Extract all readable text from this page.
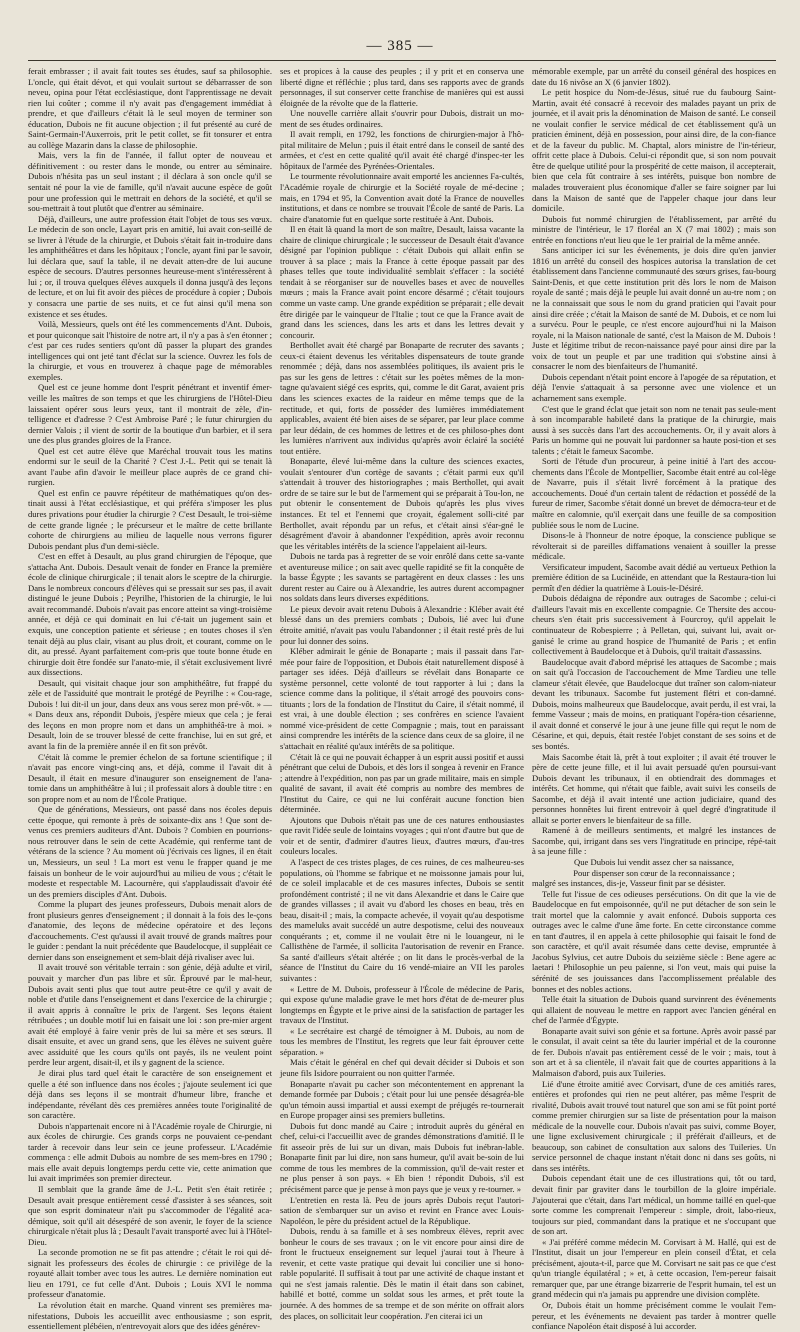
— 385 —

ferait embrasser ; il avait fait toutes ses études, sauf sa philosophie. L'oncle, qui était dévot, et qui voulait surtout se débarrasser de son neveu, opina pour l'état ecclésiastique, dont l'apprentissage ne devait rien lui coûter ; comme il n'y avait pas d'engagement immédiat à prendre, et que d'ailleurs c'était là le seul moyen de terminer son éducation, Dubois ne fit aucune objection ; il fut présenté au curé de Saint-Germain-l'Auxerrois, prit le petit collet, se fit tonsurer et entra au collège Mazarin dans la classe de philosophie.

Mais, vers la fin de l'année, il fallut opter de nouveau et définitivement : ou rester dans le monde, ou entrer au séminaire. Dubois n'hésita pas un seul instant ; il déclara à son oncle qu'il se sentait né pour la vie de famille, qu'il n'avait aucune espèce de goût pour une profession qui le mettrait en dehors de la société, et qu'il se sou-mettrait à tout plutôt que d'entrer au séminaire.

Déjà, d'ailleurs, une autre profession était l'objet de tous ses vœux. Le médecin de son oncle, Layart pris en amitié, lui avait con-seillé de se livrer à l'étude de la chirurgie, et Dubois s'était fait in-troduire dans les amphithéâtres et dans les hôpitaux ; l'oncle, ayant fini par le savoir, lui déclara que, sauf la table, il ne devait atten-dre de lui aucune espèce de secours. D'autres personnes heureuse-ment s'intéressèrent à lui ; or, il trouva quelques élèves auxquels il donna jusqu'à des leçons de lecture, et on lui fit avoir des pièces de procédure à copier ; Dubois y consacra une partie de ses nuits, et ce fut ainsi qu'il mena son existence et ses études.

Voilà, Messieurs, quels ont été les commencements d'Ant. Dubois, et pour quiconque sait l'histoire de notre art, il n'y a pas à s'en étonner ; c'est par ces rudes sentiers qu'ont dû passer la plupart des grandes intelligences qui ont jeté tant d'éclat sur la science. Ouvrez les fols de la chirurgie, et vous en trouverez à chaque page de mémorables exemples.

Quel est ce jeune homme dont l'esprit pénétrant et inventif émer-veille les maîtres de son temps et que les chirurgiens de l'Hôtel-Dieu laissaient opérer sous leurs yeux, tant il montrait de zèle, d'in-telligence et d'adresse ? C'est Ambroise Paré ; le futur chirurgien du dernier Valois ; il vient de sortir de la boutique d'un barbier, et il sera une des plus grandes gloires de la France.

Quel est cet autre élève que Maréchal trouvait tous les matins endormi sur le seuil de la Charité ? C'est J.-L. Petit qui se tenait là avant l'aube afin d'avoir le meilleur place auprès de ce grand chi-rurgien.

Quel est enfin ce pauvre répétiteur de mathématiques qu'on des-tinait aussi à l'état ecclésiastique, et qui préféra s'imposer les plus dures privations pour étudier la chirurgie ? C'est Desault, le troi-sième de cette grande lignée ; le précurseur et le maître de cette brillante cohorte de chirurgiens au milieu de laquelle nous verrons figurer Dubois pendant plus d'un demi-siècle.

C'est en effet à Desault, au plus grand chirurgien de l'époque, que s'attacha Ant. Dubois. Desault venait de fonder en France la première école de clinique chirurgicale ; il tenait alors le sceptre de la chirurgie. Dans le nombreux concours d'élèves qui se pressait sur ses pas, il avait distingué le jeune Dubois ; Peyrilhe, l'historien de la chirurgie, le lui avait recommandé. Dubois n'avait pas encore atteint sa vingt-troisième année, et déjà ce qui dominait en lui c'é-tait un jugement sain et exquis, une conception patiente et sérieuse ; en toutes choses il s'en tenait déjà au plus clair, visant au plus droit, et courant, comme on le dit, au pressé. Ayant parfaitement com-pris que toute bonne étude en chirurgie doit être fondée sur l'anato-mie, il s'était exclusivement livré aux dissections.

Desault, qui visitait chaque jour son amphithéâtre, fut frappé du zèle et de l'assiduité que montrait le protégé de Peyrilhe : « Cou-rage, Dubois ! lui dit-il un jour, dans deux ans vous serez mon pré-vôt. » — « Dans deux ans, répondit Dubois, j'espère mieux que cela ; je ferai des leçons en mon propre nom et dans un amphithéâ-tre à moi. » Desault, loin de se trouver blessé de cette franchise, lui en sut gré, et avant la fin de la première année il en fit son prévôt.

C'était là comme le premier échelon de sa fortune scientifique ; il n'avait pas encore vingt-cinq ans, et déjà, comme il l'avait dit à Desault, il était en mesure d'inaugurer son enseignement de l'ana-tomie dans un amphithéâtre à lui ; il professait alors à double titre : en son propre nom et au nom de l'École Pratique.

Que de générations, Messieurs, ont passé dans nos écoles depuis cette époque, qui remonte à près de soixante-dix ans ! Que sont de-venus ces premiers auditeurs d'Ant. Dubois ? Combien en pourrions-nous retrouver dans le sein de cette Académie, qui renferme tant de vétérans de la science ? Au moment où j'écrivais ces lignes, il en était un, Messieurs, un seul ! La mort est venu le frapper quand je me faisais un bonheur de le voir aujourd'hui au milieu de vous ; c'était le modeste et respectable M. Lacournère, qui s'applaudissait d'avoir été un des premiers disciples d'Ant. Dubois.

Comme la plupart des jeunes professeurs, Dubois menait alors de front plusieurs genres d'enseignement ; il donnait à la fois des le-çons d'anatomie, des leçons de médecine opératoire et des leçons d'accouchements. C'est qu'aussi il avait trouvé de grands maîtres pour le guider : pendant la nuit précédente que Baudelocque, il suppléait ce dernier dans son enseignement et sem-blait déjà rivaliser avec lui.

Il avait trouvé son véritable terrain : son génie, déjà adulte et viril, pouvait y marcher d'un pas libre et sûr. Éprouvé par le mal-heur, Dubois avait senti plus que tout autre peut-être ce qu'il y avait de noble et d'utile dans l'enseignement et dans l'exercice de la chirurgie ; il avait appris à connaître le prix de l'argent. Ses leçons étaient rétribuées ; un double motif lui en faisait une loi : son pre-mier argent avait été employé à faire venir près de lui sa mère et ses sœurs. Il disait ensuite, et avec un grand sens, que les élèves ne suivent guère avec assiduité que les cours qu'ils ont payés, ils ne veulent point perdre leur argent, disait-il, et ils y gagnent de la science.

Je dirai plus tard quel était le caractère de son enseignement et quelle a été son influence dans nos écoles ; j'ajoute seulement ici que déjà dans ses leçons il se montrait d'humeur libre, franche et indépendante, révélant dès ces premières années toute l'originalité de son caractère.

Dubois n'appartenait encore ni à l'Académie royale de Chirurgie, ni aux écoles de chirurgie. Ces grands corps ne pouvaient ce-pendant tarder à recevoir dans leur sein ce jeune professeur. L'Académie commença : elle admit Dubois au nombre de ses mem-bres en 1790 ; mais elle avait depuis longtemps perdu cette vie, cette animation que lui avait imprimées son premier directeur.

Il semblait que la grande âme de J.-L. Petit s'en était retirée ; Desault avait presque entièrement cessé d'assister à ses séances, soit que son esprit dominateur n'ait pu s'accommoder de l'égalité aca-démique, soit qu'il ait désespéré de son avenir, le foyer de la science chirurgicale n'était plus là ; Desault l'avait transporté avec lui à l'Hôtel-Dieu.

La seconde promotion ne se fit pas attendre ; c'était le roi qui dé-signait les professeurs des écoles de chirurgie : ce privilège de la royauté allait tomber avec tous les autres. Le dernière nomination eut lieu en 1791, ce fut celle d'Ant. Dubois ; Louis XVI le nomma professeur d'anatomie.

La révolution était en marche. Quand vinrent ses premières ma-nifestations, Dubois les accueillit avec enthousiasme ; son esprit, essentiellement plébéien, n'entrevoyait alors que des idées générev-

ses et propices à la cause des peuples ; il y prit et en conserva une liberté digne et réfléchie ; plus tard, dans ses rapports avec de grands personnages, il sut conserver cette franchise de manières qui est aussi éloignée de la révolte que de la flatterie.

Une nouvelle carrière allait s'ouvrir pour Dubois, distrait un mo-ment de ses études ordinaires.

Il avait rempli, en 1792, les fonctions de chirurgien-major à l'hô-pital militaire de Melun ; puis il était entré dans le conseil de santé des armées, et c'est en cette qualité qu'il avait été chargé d'inspec-ter les hôpitaux de l'armée des Pyrénées-Orientales.

Le tourmente révolutionnaire avait emporté les anciennes Fa-cultés, l'Académie royale de chirurgie et la Société royale de mé-decine ; mais, en 1794 et 95, la Convention avait doté la France de nouvelles institutions, et dans ce nombre se trouvait l'École de santé de Paris. La chaire d'anatomie fut en quelque sorte restituée à Ant. Dubois.

Il en était là quand la mort de son maître, Desault, laissa vacante la chaire de clinique chirurgicale ; le successeur de Desault était d'avance désigné par l'opinion publique : c'était Dubois qui allait enfin se trouver à sa place ; mais la France à cette époque passait par des phases telles que toute individualité semblait s'effacer : la société tendait à se réorganiser sur de nouvelles bases et avec de nouvelles mœurs ; mais la France avait point encore désarmé ; c'était toujours comme un vaste camp. Une grande expédition se préparait ; elle devait être dirigée par le vainqueur de l'Italie ; tout ce que la France avait de grand dans les sciences, dans les arts et dans les lettres devait y concourir.

Berthollet avait été chargé par Bonaparte de recruter des savants ; ceux-ci étaient devenus les véritables dispensateurs de toute grande renommée ; déjà, dans nos assemblées politiques, ils avaient pris le pas sur les gens de lettres : c'était sur les poètes mêmes de la mon-tagne qu'avaient siégé ces esprits, qui, comme le dit Garat, avaient pris dans les sciences exactes de la raideur en même temps que de la rectitude, et qui, forts de posséder des lumières immédiatement applicables, avaient été bien aises de se séparer, par leur place comme par leur dédain, de ces hommes de lettres et de ces philoso-phes dont les lumières n'arrivent aux individus qu'après avoir éclairé la société tout entière.

Bonaparte, élevé lui-même dans la culture des sciences exactes, voulait s'entourer d'un cortège de savants ; c'était parmi eux qu'il s'attendait à trouver des historiographes ; mais Berthollet, qui avait ordre de se taire sur le but de l'armement qui se préparait à Tou-lon, ne put obtenir le consentement de Dubois qu'après les plus vives instances. Et tel et l'ennemi que croyait, également solli-cité par Berthollet, avait répondu par un refus, et c'était ainsi s'éar-gné le désagrément d'avoir à abandonner l'expédition, après avoir reconnu que les véritables intérêts de la science l'appelaient ail-leurs.

Dubois ne tarda pas à regretter de se voir enrôlé dans cette sa-vante et aventureuse milice ; on sait avec quelle rapidité se fit la conquête de la basse Égypte ; les savants se partagèrent en deux classes : les uns durent rester au Caire ou à Alexandrie, les autres durent accompagner nos soldats dans leurs diverses expéditions.

Le pieux devoir avait retenu Dubois à Alexandrie : Kléber avait été blessé dans un des premiers combats ; Dubois, lié avec lui d'une étroite amitié, n'avait pas voulu l'abandonner ; il était resté près de lui pour lui donner des soins.

Kléber admirait le génie de Bonaparte ; mais il passait dans l'ar-mée pour faire de l'opposition, et Dubois était naturellement disposé à partager ses idées. Déjà d'ailleurs se révélait dans Bonaparte ce système personnel, cette volonté de tout rapporter à lui ; dans la science comme dans la politique, il s'était arrogé des pouvoirs cons-tituants ; lors de la fondation de l'Institut du Caire, il s'était nommé, il est vrai, à une double élection ; ses confrères en science l'avaient nommé vice-président de cette Compagnie ; mais, tout en paraissant ainsi comprendre les intérêts de la science dans ceux de sa gloire, il ne s'attachait en réalité qu'aux intérêts de sa politique.

C'était là ce qui ne pouvait échapper à un esprit aussi positif et aussi pénétrant que celui de Dubois, et dès lors il songea à revenir en France ; attendre à l'expédition, non pas par un grade militaire, mais en simple qualité de savant, il avait été compris au nombre des membres de l'Institut du Caire, ce qui ne lui conférait aucune fonction bien déterminée.

Ajoutons que Dubois n'était pas une de ces natures enthousiastes que ravit l'idée seule de lointains voyages ; qui n'ont d'autre but que de voir et de sentir, d'admirer d'autres lieux, d'autres mœurs, d'au-tres couleurs locales.

A l'aspect de ces tristes plages, de ces ruines, de ces malheureu-ses populations, où l'homme se fabrique et ne moissonne jamais pour lui, de ce soleil implacable et de ces masures infectes, Dubois se sentit profondément contristé ; il ne vit dans Alexandrie et dans le Caire que de grandes villasses ; il avait vu d'abord les choses en beau, très en beau, disait-il ; mais, la compacte achevée, il voyait qu'au despotisme des mameluks avait succédé un autre despotisme, celui des nouveaux conquérants ; et, comme il ne voulait être ni le louangeur, ni le Callisthène de l'armée, il sollicita l'autorisation de revenir en France. Sa santé d'ailleurs s'était altérée ; on lit dans le procès-verbal de la séance de l'Institut du Caire du 16 vendé-miaire an VII les paroles suivantes :

« Lettre de M. Dubois, professeur à l'École de médecine de Paris, qui expose qu'une maladie grave le met hors d'état de de-meurer plus longtemps en Égypte et le prive ainsi de la satisfaction de partager les travaux de l'Institut.

« Le secrétaire est chargé de témoigner à M. Dubois, au nom de tous les membres de l'Institut, les regrets que leur fait éprouver cette séparation. »

Mais c'était le général en chef qui devait décider si Dubois et son jeune fils Isidore pourraient ou non quitter l'armée.

Bonaparte n'avait pu cacher son mécontentement en apprenant la demande formée par Dubois ; c'était pour lui une pensée désagréa-ble qu'un témoin aussi impartial et aussi exempt de préjugés re-tournerait en Europe propager ainsi ses premiers bulletins.

Dubois fut donc mandé au Caire ; introduit auprès du général en chef, celui-ci l'accueillit avec de grandes démonstrations d'amitié. Il le fit asseoir près de lui sur un divan, mais Dubois fut inébran-lable. Bonaparte finit par lui dire, non sans humeur, qu'il avait be-soin de lui comme de tous les membres de la commission, qu'il de-vait rester et ne plus penser à son pays. « Eh bien ! répondit Dubois, s'il est précisément parce que je pense à mon pays que je veux y re-tourner. »

L'entretien en resta là. Peu de jours après Dubois reçut l'autori-sation de s'embarquer sur un aviso et revint en France avec Louis-Napoléon, le père du président actuel de la République.

Dubois, rendu à sa famille et à ses nombreux élèves, reprit avec bonheur le cours de ses travaux ; on le vit encore pour ainsi dire de front le fructueux enseignement sur lequel j'aurai tout à l'heure à revenir, et cette vaste pratique qui devait lui concilier une si hono-rable popularité. Il suffisait à tout par une activité de chaque instant et qui ne s'est jamais ralentie. Dès le matin il était dans son cabinet, habillé et botté, comme un soldat sous les armes, et prêt toute la journée. A des hommes de sa trempe et de son mérite on offrait alors des places, on sollicitait leur coopération. J'en citerai ici un

mémorable exemple, par un arrêté du conseil général des hospices en date du 16 nivôse an X (6 janvier 1802).

Le petit hospice du Nom-de-Jésus, situé rue du faubourg Saint-Martin, avait été consacré à recevoir des malades payant un prix de journée, et il avait pris la dénomination de Maison de santé. Le conseil ne voulait confier le service médical de cet établissement qu'à un praticien éminent, déjà en possession, pour ainsi dire, de la con-fiance et de la faveur du public. M. Chaptal, alors ministre de l'in-térieur, offrit cette place à Dubois. Celui-ci répondit que, si son nom pouvait être de quelque utilité pour la prospérité de cette maison, il accepterait, bien que cela fût contraire à ses intérêts, puisque bon nombre de malades trouveraient plus économique d'aller se faire soigner par lui dans la Maison de santé que de l'appeler chaque jour dans leur domicile.

Dubois fut nommé chirurgien de l'établissement, par arrêté du ministre de l'intérieur, le 17 floréal an X (7 mai 1802) ; mais son entrée en fonctions n'eut lieu que le 1er prairial de la même année.

Sans anticiper ici sur les événements, je dois dire qu'en janvier 1816 un arrêté du conseil des hospices autorisa la translation de cet établissement dans l'ancienne communauté des sœurs grises, fau-bourg Saint-Denis, et que cette institution prit dès lors le nom de Maison royale de santé ; mais déjà le peuple lui avait donné un au-tre nom ; on ne la connaissait que sous le nom du grand praticien qui l'avait pour ainsi dire créée ; c'était la Maison de santé de M. Dubois, et ce nom lui a survécu. Pour le peuple, ce n'est encore aujourd'hui ni la Maison royale, ni la Maison nationale de santé, c'est la Maison de M. Dubois ! Juste et légitime tribut de recon-naissance payé pour ainsi dire par la voix de tout un peuple et par une tradition qui s'obstine ainsi à consacrer le nom des bienfaiteurs de l'humanité.

Dubois cependant n'était point encore à l'apogée de sa réputation, et déjà l'envie s'attaquait à sa personne avec une violence et un acharnement sans exemple.

C'est que le grand éclat que jetait son nom ne tenait pas seule-ment à son incomparable habileté dans la pratique de la chirurgie, mais aussi à ses succès dans l'art des accouchements. Or, il y avait alors à Paris un homme qui ne pouvait lui pardonner sa haute posi-tion et ses talents ; c'était le fameux Sacombe.

Sorti de l'étude d'un procureur, à peine initié à l'art des accou-chements dans l'École de Montpellier, Sacombe était entré au col-lège de Navarre, puis il s'était livré forcément à la pratique des accouchements. Doué d'un certain talent de rédaction et possédé de la fureur de rimer, Sacombe s'était donné un brevet de démocra-teur et de maître en calomnie, qu'il exerçait dans une feuille de sa composition publiée sous le nom de Lucine.

Disons-le à l'honneur de notre époque, la conscience publique se révolterait si de pareilles diffamations venaient à souiller la presse médicale.

Versificateur impudent, Sacombe avait dédié au vertueux Pethion la première édition de sa Lucinéide, en attendant que la Restaura-tion lui permît d'en dédier la quatrième à Louis-le-Désiré.

Dubois dédaigna de répondre aux outrages de Sacombe ; celui-ci d'ailleurs l'avait mis en excellente compagnie. Ce Thersite des accou-cheurs s'en était pris successivement à Fourcroy, qu'il appelait le continuateur de Robespierre ; à Pelletan, qui, suivant lui, avait or-ganisé le crime au grand hospice de l'humanité de Paris ; et enfin collectivement à Baudelocque et à Dubois, qu'il traitait d'assassins.

Baudelocque avait d'abord méprisé les attaques de Sacombe ; mais on sait qu'à l'occasion de l'accouchement de Mme Tardieu une telle clameur s'était élevée, que Baudelocque dut traîner son calom-niateur devant les tribunaux. Sacombe fut justement flétri et con-damné. Dubois, moins malheureux que Baudelocque, avait perdu, il est vrai, la femme Vasseur ; mais de moins, en pratiquant l'opéra-tion césarienne, il avait donné et conservé le jour à une jeune fille qui reçut le nom de Césarine, et qui, depuis, était restée l'objet constant de ses soins et de ses bontés.

Mais Sacombe était là, prêt à tout exploiter ; il avait été trouver le père de cette jeune fille, et il lui avait persuadé qu'en poursui-vant Dubois devant les tribunaux, il en obtiendrait des dommages et intérêts. Cet homme, qui n'était que faible, avait suivi les conseils de Sacombe, et déjà il avait intenté une action judiciaire, quand des personnes honnêtes lui firent entrevoir à quel degré d'ingratitude il allait se porter envers le bienfaiteur de sa fille.

Ramené à de meilleurs sentiments, et malgré les instances de Sacombe, qui, irrigant dans ses vers l'ingratitude en principe, répé-tait à sa jeune fille :

Que Dubois lui vendit assez cher sa naissance,

Pour dispenser son cœur de la reconnaissance ;

malgré ses instances, dis-je, Vasseur finit par se désister.

Telle fut l'issue de ces odieuses persécutions. On dit que la vie de Baudelocque en fut empoisonnée, qu'il ne put détacher de son sein le trait mortel que la calomnie y avait enfoncé. Dubois supporta ces outrages avec le calme d'une âme forte. En cette circonstance comme en tant d'autres, il en appela à cette philosophie qui faisait le fond de son caractère, et qu'il avait résumée dans cette devise, empruntée à Jacobus Sylvius, cet autre Dubois du seizième siècle : Bene agere ac laetari ! Philosophie un peu païenne, si l'on veut, mais qui puise la sérénité de ses jouissances dans l'accomplissement préalable des bonnes et des nobles actions.

Telle était la situation de Dubois quand survinrent des événements qui allaient de nouveau le mettre en rapport avec l'ancien général en chef de l'armée d'Égypte.

Bonaparte avait suivi son génie et sa fortune. Après avoir passé par le consulat, il avait ceint sa tête du laurier impérial et de la couronne de fer. Dubois n'avait pas entièrement cessé de le voir ; mais, tout à son art et à sa clientèle, il n'avait fait que de courtes apparitions à la Malmaison d'abord, puis aux Tuileries.

Lié d'une étroite amitié avec Corvisart, d'une de ces amitiés rares, entières et profondes qui rien ne peut altérer, pas même l'esprit de rivalité, Dubois avait trouvé tout naturel que son ami se fût point porté comme premier chirurgien sur sa liste de présentation pour la maison médicale de la nouvelle cour. Dubois n'avait pas suivi, comme Boyer, une ligne exclusivement chirurgicale ; il préférait d'ailleurs, et de beaucoup, son cabinet de consultation aux salons des Tuileries. Un service personnel de chaque instant n'était donc ni dans ses goûts, ni dans ses intérêts.

Dubois cependant était une de ces illustrations qui, tôt ou tard, devait finir par graviter dans le tourbillon de la gloire impériale. J'ajouterai que c'était, dans l'art médical, un homme taillé en quel-que sorte comme les comprenait l'empereur : simple, droit, labo-rieux, toujours sur pied, commandant dans la pratique et ne s'occupant que de son art.

« J'ai préféré comme médecin M. Corvisart à M. Hallé, qui est de l'Institut, disait un jour l'empereur en plein conseil d'État, et cela précisément, ajouta-t-il, parce que M. Corvisart ne sait pas ce que c'est qu'un triangle équilatéral ; » et, à cette occasion, l'em-pereur faisait remarquer que, par une étrange bizarrerie de l'esprit humain, tel est un grand médecin qui n'a jamais pu apprendre une division complète.

Or, Dubois était un homme précisément comme le voulait l'em-pereur, et les événements ne devaient pas tarder à montrer quelle confiance Napoléon était disposé à lui accorder.
